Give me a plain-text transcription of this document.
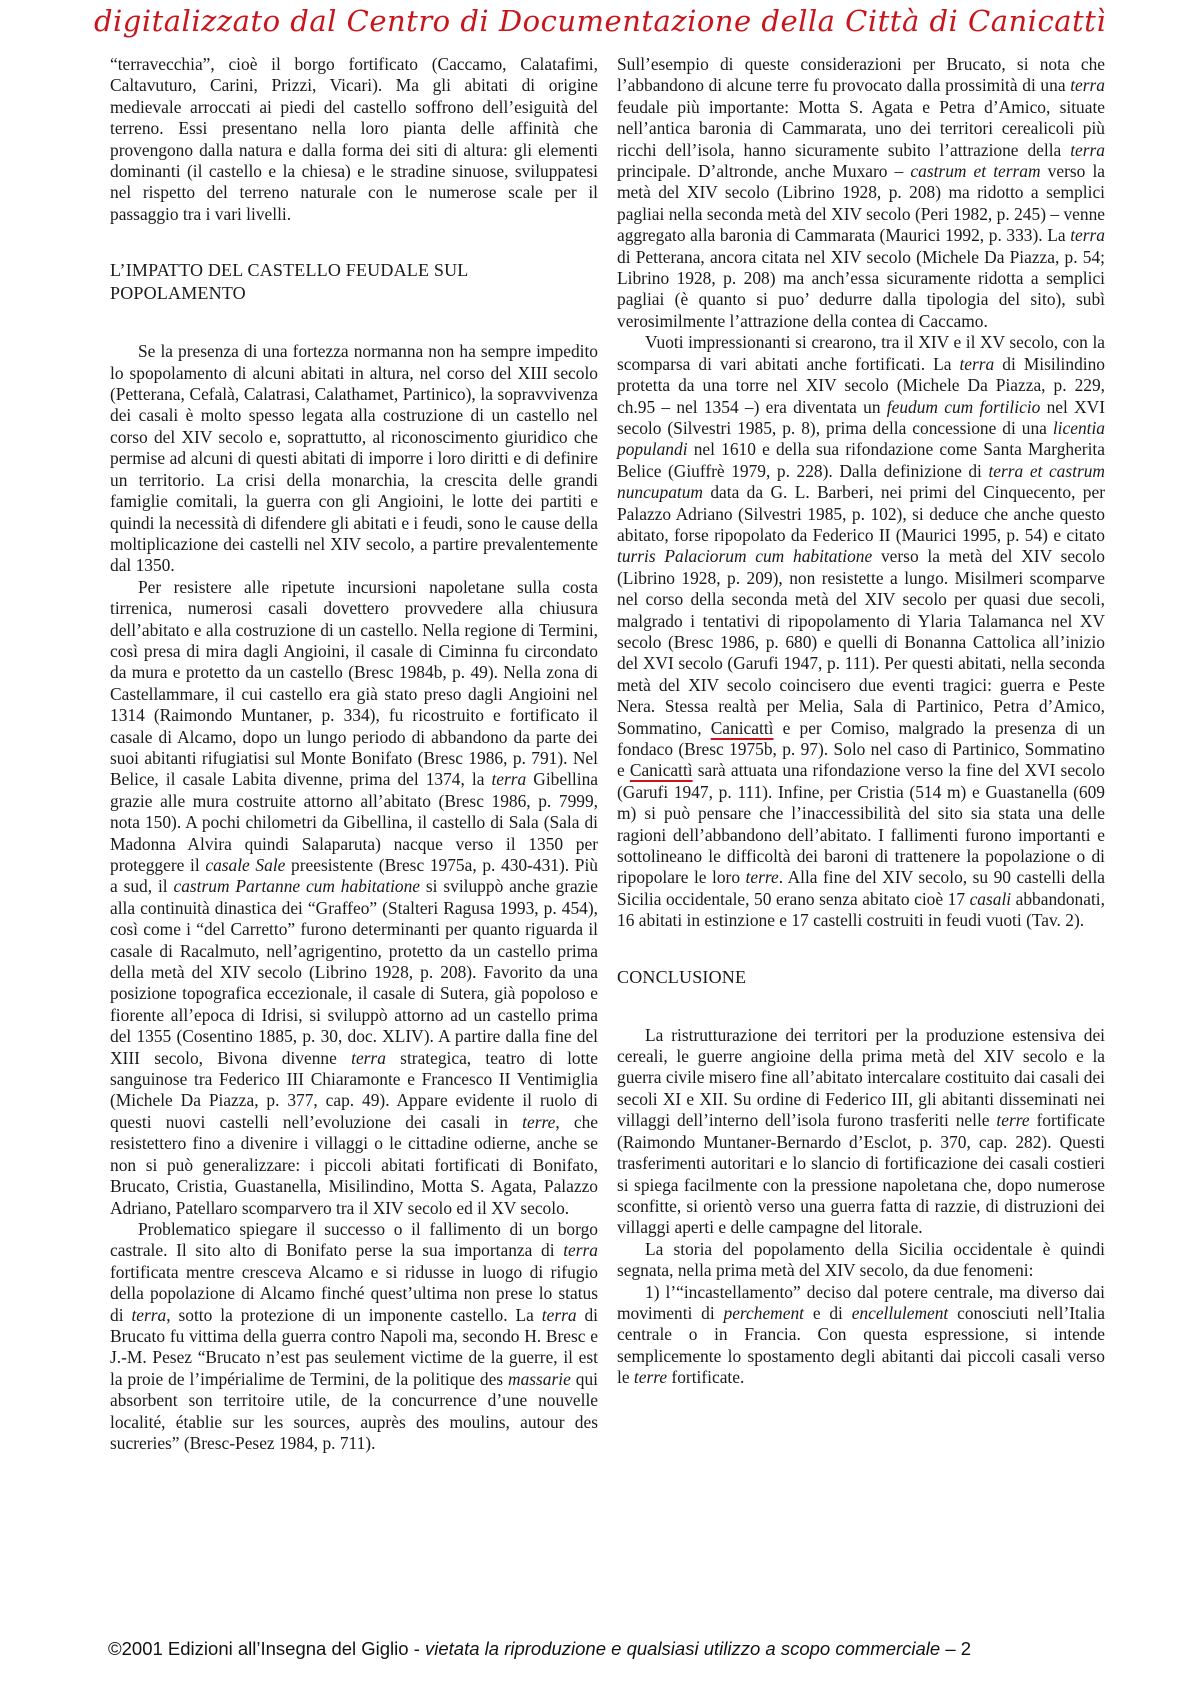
digitalizzato dal Centro di Documentazione della Città di Canicattì

“terravecchia”, cioè il borgo fortificato (Caccamo, Calatafimi, Caltavuturo, Carini, Prizzi, Vicari). Ma gli abitati di origine medievale arroccati ai piedi del castello soffrono dell’esiguità del terreno. Essi presentano nella loro pianta delle affinità che provengono dalla natura e dalla forma dei siti di altura: gli elementi dominanti (il castello e la chiesa) e le stradine sinuose, sviluppatesi nel rispetto del terreno naturale con le numerose scale per il passaggio tra i vari livelli.

L’IMPATTO DEL CASTELLO FEUDALE SUL POPOLAMENTO

Se la presenza di una fortezza normanna non ha sempre impedito lo spopolamento di alcuni abitati in altura, nel corso del XIII secolo (Petterana, Cefalà, Calatrasi, Calathamet, Partinico), la sopravvivenza dei casali è molto spesso legata alla costruzione di un castello nel corso del XIV secolo e, soprattutto, al riconoscimento giuridico che permise ad alcuni di questi abitati di imporre i loro diritti e di definire un territorio. La crisi della monarchia, la crescita delle grandi famiglie comitali, la guerra con gli Angioini, le lotte dei partiti e quindi la necessità di difendere gli abitati e i feudi, sono le cause della moltiplicazione dei castelli nel XIV secolo, a partire prevalentemente dal 1350.

Per resistere alle ripetute incursioni napoletane sulla costa tirrenica, numerosi casali dovettero provvedere alla chiusura dell’abitato e alla costruzione di un castello. Nella regione di Termini, così presa di mira dagli Angioini, il casale di Ciminna fu circondato da mura e protetto da un castello (Bresc 1984b, p. 49). Nella zona di Castellammare, il cui castello era già stato preso dagli Angioini nel 1314 (Raimondo Muntaner, p. 334), fu ricostruito e fortificato il casale di Alcamo, dopo un lungo periodo di abbandono da parte dei suoi abitanti rifugiatisi sul Monte Bonifato (Bresc 1986, p. 791). Nel Belice, il casale Labita divenne, prima del 1374, la terra Gibellina grazie alle mura costruite attorno all’abitato (Bresc 1986, p. 7999, nota 150). A pochi chilometri da Gibellina, il castello di Sala (Sala di Madonna Alvira quindi Salaparuta) nacque verso il 1350 per proteggere il casale Sale preesistente (Bresc 1975a, p. 430-431). Più a sud, il castrum Partanne cum habitatione si sviluppò anche grazie alla continuità dinastica dei “Graffeo” (Stalteri Ragusa 1993, p. 454), così come i “del Carretto” furono determinanti per quanto riguarda il casale di Racalmuto, nell’agrigentino, protetto da un castello prima della metà del XIV secolo (Librino 1928, p. 208). Favorito da una posizione topografica eccezionale, il casale di Sutera, già popoloso e fiorente all’epoca di Idrisi, si sviluppò attorno ad un castello prima del 1355 (Cosentino 1885, p. 30, doc. XLIV). A partire dalla fine del XIII secolo, Bivona divenne terra strategica, teatro di lotte sanguinose tra Federico III Chiaramonte e Francesco II Ventimiglia (Michele Da Piazza, p. 377, cap. 49). Appare evidente il ruolo di questi nuovi castelli nell’evoluzione dei casali in terre, che resistettero fino a divenire i villaggi o le cittadine odierne, anche se non si può generalizzare: i piccoli abitati fortificati di Bonifato, Brucato, Cristia, Guastanella, Misilindino, Motta S. Agata, Palazzo Adriano, Patellaro scomparvero tra il XIV secolo ed il XV secolo.

Problematico spiegare il successo o il fallimento di un borgo castrale. Il sito alto di Bonifato perse la sua importanza di terra fortificata mentre cresceva Alcamo e si ridusse in luogo di rifugio della popolazione di Alcamo finché quest’ultima non prese lo status di terra, sotto la protezione di un imponente castello. La terra di Brucato fu vittima della guerra contro Napoli ma, secondo H. Bresc e J.-M. Pesez “Brucato n’est pas seulement victime de la guerre, il est la proie de l’impérialime de Termini, de la politique des massarie qui absorbent son territoire utile, de la concurrence d’une nouvelle localité, établie sur les sources, auprès des moulins, autour des sucreries” (Bresc-Pesez 1984, p. 711).

Sull’esempio di queste considerazioni per Brucato, si nota che l’abbandono di alcune terre fu provocato dalla prossimità di una terra feudale più importante: Motta S. Agata e Petra d’Amico, situate nell’antica baronia di Cammarata, uno dei territori cerealicoli più ricchi dell’isola, hanno sicuramente subito l’attrazione della terra principale. D’altronde, anche Muxaro – castrum et terram verso la metà del XIV secolo (Librino 1928, p. 208) ma ridotto a semplici pagliai nella seconda metà del XIV secolo (Peri 1982, p. 245) – venne aggregato alla baronia di Cammarata (Maurici 1992, p. 333). La terra di Petterana, ancora citata nel XIV secolo (Michele Da Piazza, p. 54; Librino 1928, p. 208) ma anch’essa sicuramente ridotta a semplici pagliai (è quanto si puo’ dedurre dalla tipologia del sito), subì verosimilmente l’attrazione della contea di Caccamo.

Vuoti impressionanti si crearono, tra il XIV e il XV secolo, con la scomparsa di vari abitati anche fortificati. La terra di Misilindino protetta da una torre nel XIV secolo (Michele Da Piazza, p. 229, ch.95 – nel 1354 –) era diventata un feudum cum fortilicio nel XVI secolo (Silvestri 1985, p. 8), prima della concessione di una licentia populandi nel 1610 e della sua rifondazione come Santa Margherita Belice (Giuffrè 1979, p. 228). Dalla definizione di terra et castrum nuncupatum data da G. L. Barberi, nei primi del Cinquecento, per Palazzo Adriano (Silvestri 1985, p. 102), si deduce che anche questo abitato, forse ripopolato da Federico II (Maurici 1995, p. 54) e citato turris Palaciorum cum habitatione verso la metà del XIV secolo (Librino 1928, p. 209), non resistette a lungo. Misilmeri scomparve nel corso della seconda metà del XIV secolo per quasi due secoli, malgrado i tentativi di ripopolamento di Ylaria Talamanca nel XV secolo (Bresc 1986, p. 680) e quelli di Bonanna Cattolica all’inizio del XVI secolo (Garufi 1947, p. 111). Per questi abitati, nella seconda metà del XIV secolo coincisero due eventi tragici: guerra e Peste Nera. Stessa realtà per Melia, Sala di Partinico, Petra d’Amico, Sommatino, Canicattì e per Comiso, malgrado la presenza di un fondaco (Bresc 1975b, p. 97). Solo nel caso di Partinico, Sommatino e Canicattì sarà attuata una rifondazione verso la fine del XVI secolo (Garufi 1947, p. 111). Infine, per Cristia (514 m) e Guastanella (609 m) si può pensare che l’inaccessibilità del sito sia stata una delle ragioni dell’abbandono dell’abitato. I fallimenti furono importanti e sottolineano le difficoltà dei baroni di trattenere la popolazione o di ripopolare le loro terre. Alla fine del XIV secolo, su 90 castelli della Sicilia occidentale, 50 erano senza abitato cioè 17 casali abbandonati, 16 abitati in estinzione e 17 castelli costruiti in feudi vuoti (Tav. 2).

CONCLUSIONE

La ristrutturazione dei territori per la produzione estensiva dei cereali, le guerre angioine della prima metà del XIV secolo e la guerra civile misero fine all’abitato intercalare costituito dai casali dei secoli XI e XII. Su ordine di Federico III, gli abitanti disseminati nei villaggi dell’interno dell’isola furono trasferiti nelle terre fortificate (Raimondo Muntaner-Bernardo d’Esclot, p. 370, cap. 282). Questi trasferimenti autoritari e lo slancio di fortificazione dei casali costieri si spiega facilmente con la pressione napoletana che, dopo numerose sconfitte, si orientò verso una guerra fatta di razzie, di distruzioni dei villaggi aperti e delle campagne del litorale.

La storia del popolamento della Sicilia occidentale è quindi segnata, nella prima metà del XIV secolo, da due fenomeni:

1) l’“incastellamento” deciso dal potere centrale, ma diverso dai movimenti di perchement e di encellulement conosciuti nell’Italia centrale o in Francia. Con questa espressione, si intende semplicemente lo spostamento degli abitanti dai piccoli casali verso le terre fortificate.

©2001 Edizioni all’Insegna del Giglio - vietata la riproduzione e qualsiasi utilizzo a scopo commerciale – 2
